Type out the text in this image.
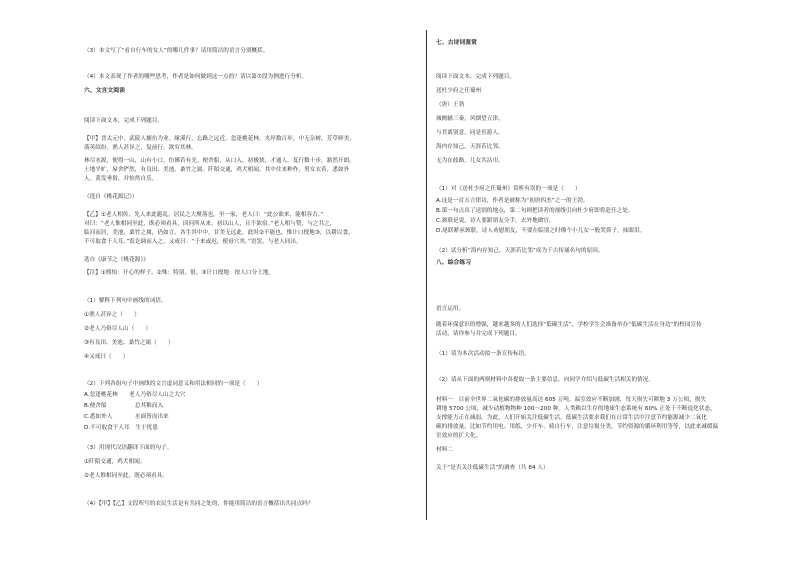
（3）本文写了“看自行车的女人”的哪几件事？请用简洁的语言分别概括。
（4）本文表现了作者的哪些思考，作者是如何做到这一点的？请以第⑦段为例进行分析。
六、文言文阅读
阅读下面文本，完成下列题目。
【甲】晋太元中，武陵人捕鱼为业。缘溪行，忘路之远近。忽逢桃花林，夹岸数百步，中无杂树，芳草鲜美，
落英缤纷。渔人甚异之，复前行，欲穷其林。
林尽水源，便得一山，山有小口，仿佛若有光。便舍船，从口入。初极狭，才通人。复行数十步，豁然开朗。
土地平旷，屋舍俨然，有良田、美池、桑竹之属。阡陌交通，鸡犬相闻。其中往来种作，男女衣着，悉如外
人。黄发垂髫，并怡然自乐。
（选自《桃花源记》）
【乙】①老人相传，先人来此避乱，居民之大聚落也。至一家，老人曰：“此公欲来，能相容否。”
对曰：“老人惟相同至此，既必须看具，因问所从来，初以山人，且不欲宿。”老人相与赞，与之共之，
临河而居，美池，桑竹之属，仍如言，各生其中中，甘美无远此，此时②不能也，惟计口授地③，以耕以食，
不可取食于人耳。”饭讫调而入之，又戒曰：“于来或迟，便毋穴矣。”语罢，与老人同出。
选自《康节之《桃花源》》
【注】①熙怡：开心的样子。②殊：特别，很。③计口授地：按人口分土地。
（1）解释下列句中画线的词语。
①渔人甚异之（　　）
②老人乃俗尽人山（　　）
③有良田、美池、桑竹之属（　　）
④又戒曰（　　）
（2）下列各组句子中画线的文言虚词意义和用法相同的一项是（　　）
A.忽逢桃花林　　老人乃俗尽人山之大穴
B.便舍船　　　　　总其稚而入
C.悉如外人　　　　水面皆而出来
D.不可取食于人耳　生于忧患
（3）用现代汉语翻译下面的句子。
①阡陌交通，鸡犬相闻。
②老人惟相同至此，既必须看具。
（4）【甲】【乙】文段所写的农民生活是有共同之处的，你能用简洁的语言概括出共同点吗？
七、古诗词鉴赏
阅读下面文本，完成下列题目。
送杜少府之任蜀州
（唐）王勃
城阙辅三秦，风烟望五津。
与君离别意，同是宦游人。
海内存知己，天涯若比邻。
无为在歧路，儿女共沾巾。
（1）对《送杜少府之任蜀州》赏析有误的一项是（　　）
A.这是一首五言律诗，作者是被称为“初唐四杰”之一的王勃。
B.第一句点出了送别的地点，第二句则把读者的视线引向杜少府即将赴任之处。
C.颔联是说，诗人要跟朋友分手，去外地做官。
D.尾联紧承颈联，诗人劝慰朋友，不要在临别之时像个小儿女一般哭鼻子，抹眼泪。
（2）试分析“海内存知己，天涯若比邻”成为千古传诵名句的原因。
八、综合练习
语言运用。
随着环保意识的增强，越来越多的人们选择“低碳生活”，学校学生会准备举办“低碳生活在身边”的校园宣传
活动，请你参与并完成下列题目。
（1）请为本次活动拟一条宣传标语。
（2）请从下面的两则材料中各提取一条主要信息。向同学介绍与低碳生活相关的情况。
材料一　目前全世界二氧化碳的排放量高达 605 万吨，温室效应不断加剧，每天损失可耕地 3 万公顷，损失
耕地 5700 公顷，减少动植物物种 100～200 种。人类赖以生存的地球生态系统有 60% 正处于不断退化状态，
支撑能力正在减弱。为此，人们开始关注低碳生活。低碳生活要求我们在日常生活中注意节约能源减少二氧化
碳的排放量，比如节约用电、用纸、少开车、骑自行车，注意垃圾分类，节约资源的循环利用等等，以此来减缓温
室效应的扩大化。
材料二
关于“是否关注低碳生活”的调查（共 84 人）
